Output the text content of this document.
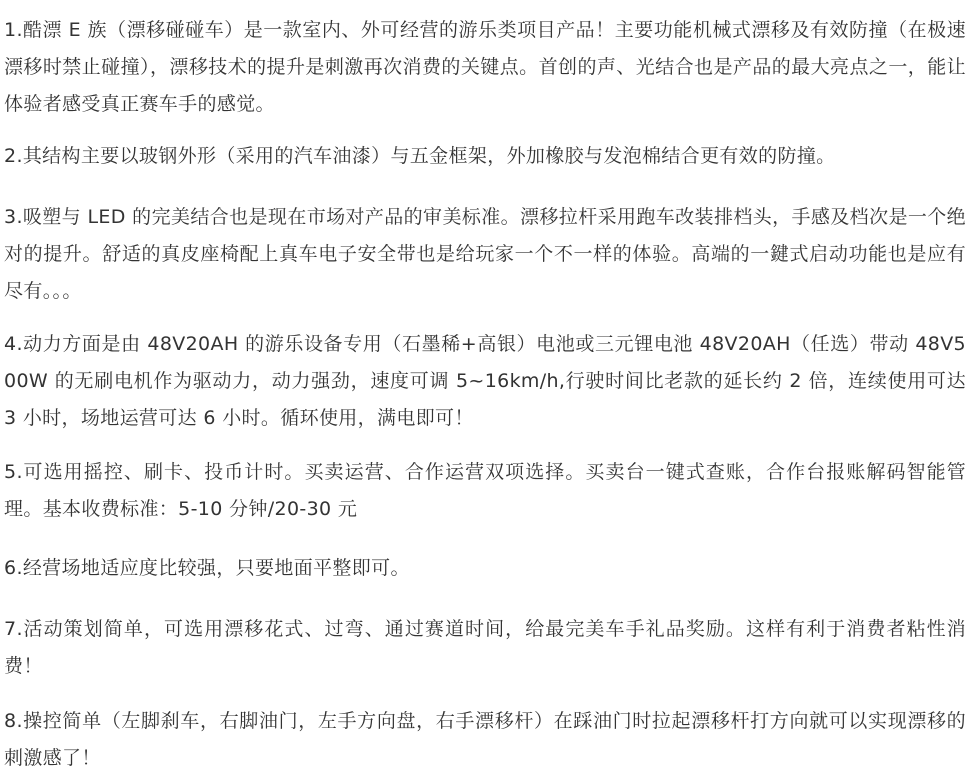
1.酷漂 E 族（漂移碰碰车）是一款室内、外可经营的游乐类项目产品！主要功能机械式漂移及有效防撞（在极速漂移时禁止碰撞），漂移技术的提升是刺激再次消费的关键点。首创的声、光结合也是产品的最大亮点之一，能让体验者感受真正赛车手的感觉。

2.其结构主要以玻钢外形（采用的汽车油漆）与五金框架，外加橡胶与发泡棉结合更有效的防撞。

3.吸塑与 LED 的完美结合也是现在市场对产品的审美标准。漂移拉杆采用跑车改装排档头，手感及档次是一个绝对的提升。舒适的真皮座椅配上真车电子安全带也是给玩家一个不一样的体验。高端的一鍵式启动功能也是应有尽有。。。

4.动力方面是由 48V20AH 的游乐设备专用（石墨稀+高银）电池或三元锂电池 48V20AH（任选）带动 48V500W 的无刷电机作为驱动力，动力强劲，速度可调 5~16km/h,行驶时间比老款的延长约 2 倍，连续使用可达 3 小时，场地运营可达 6 小时。循环使用，满电即可！

5.可选用摇控、刷卡、投币计时。买卖运营、合作运营双项选择。买卖台一键式查账，合作台报账解码智能管理。基本收费标准：5-10 分钟/20-30 元

6.经营场地适应度比较强，只要地面平整即可。

7.活动策划简单，可选用漂移花式、过弯、通过赛道时间，给最完美车手礼品奖励。这样有利于消费者粘性消费！

8.操控简单（左脚刹车，右脚油门，左手方向盘，右手漂移杆）在踩油门时拉起漂移杆打方向就可以实现漂移的刺激感了！
